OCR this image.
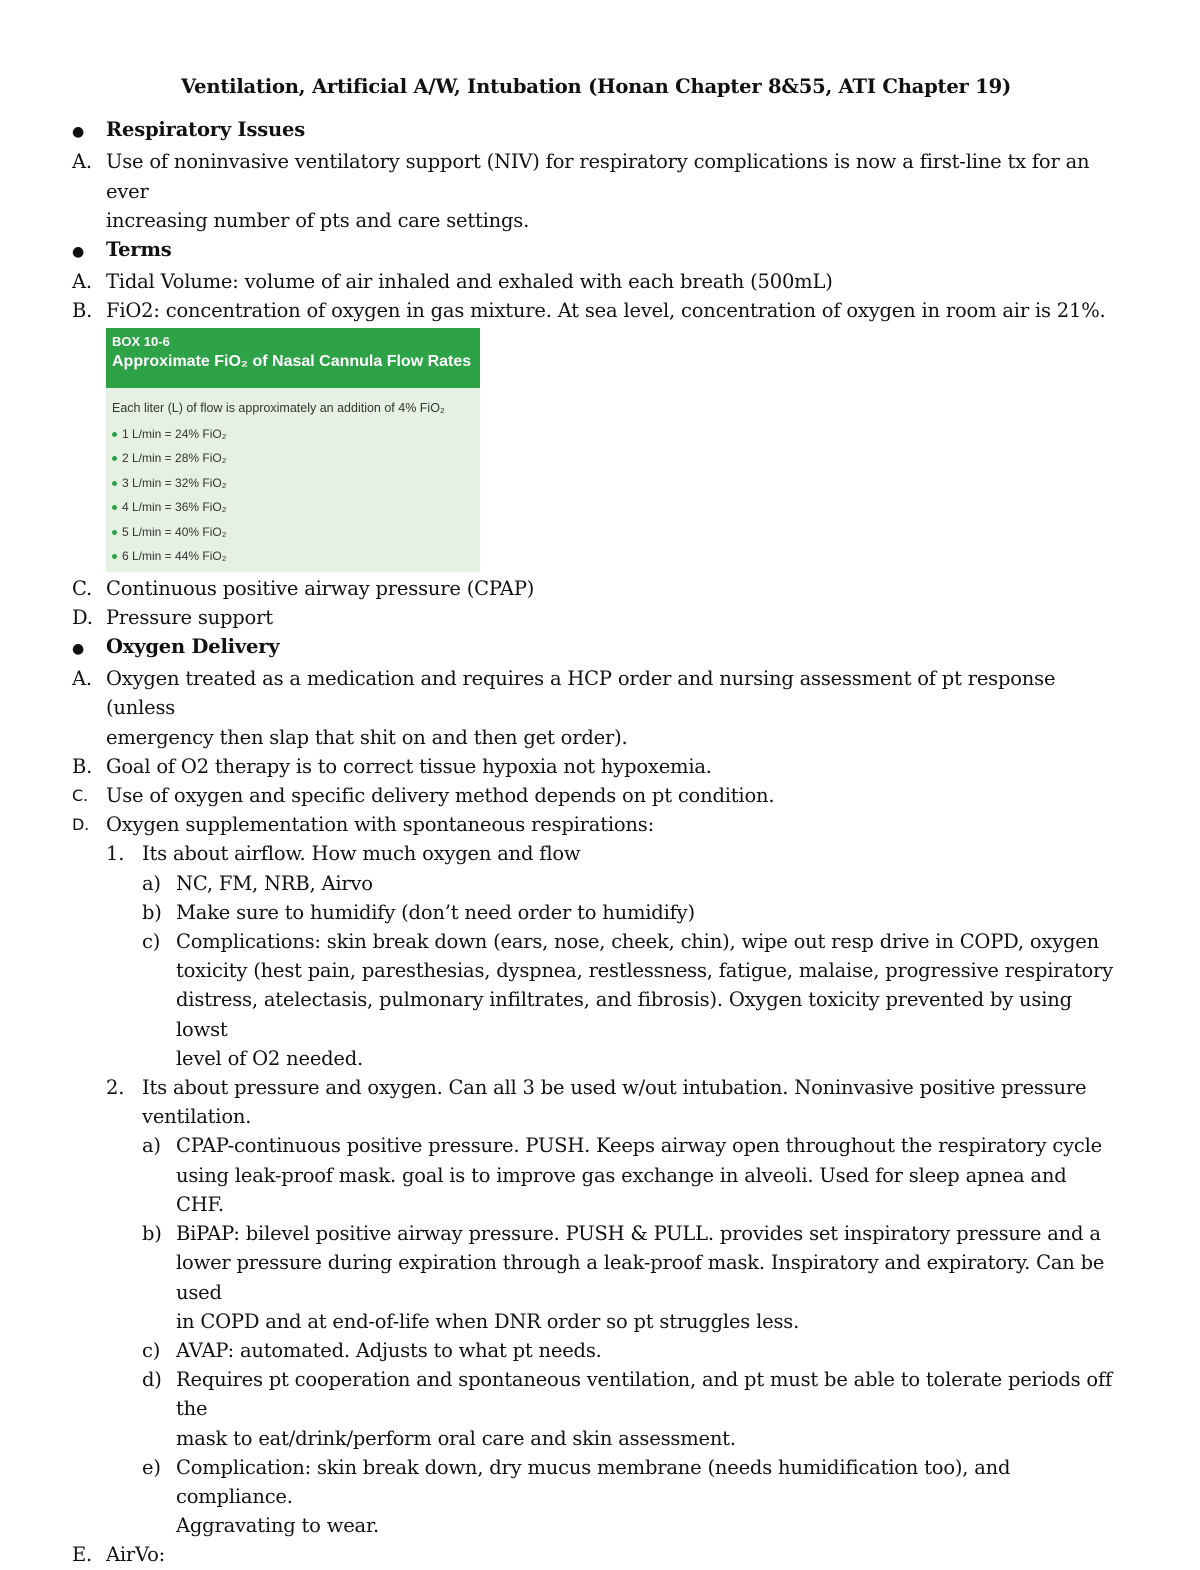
Ventilation, Artificial A/W, Intubation (Honan Chapter 8&55, ATI Chapter 19)
●	Respiratory Issues
A. Use of noninvasive ventilatory support (NIV) for respiratory complications is now a first-line tx for an ever
increasing number of pts and care settings.
●	Terms
A. Tidal Volume: volume of air inhaled and exhaled with each breath (500mL)
B. FiO2: concentration of oxygen in gas mixture. At sea level, concentration of oxygen in room air is 21%.
BOX 10-6
Approximate FiO₂ of Nasal Cannula Flow Rates
Each liter (L) of flow is approximately an addition of 4% FiO₂
1 L/min = 24% FiO₂
2 L/min = 28% FiO₂
3 L/min = 32% FiO₂
4 L/min = 36% FiO₂
5 L/min = 40% FiO₂
6 L/min = 44% FiO₂
C. Continuous positive airway pressure (CPAP)
D. Pressure support
●	Oxygen Delivery
A. Oxygen treated as a medication and requires a HCP order and nursing assessment of pt response (unless
emergency then slap that shit on and then get order).
B. Goal of O2 therapy is to correct tissue hypoxia not hypoxemia.
C. Use of oxygen and specific delivery method depends on pt condition.
D. Oxygen supplementation with spontaneous respirations:
1. Its about airflow. How much oxygen and flow
a) NC, FM, NRB, Airvo
b) Make sure to humidify (don’t need order to humidify)
c) Complications: skin break down (ears, nose, cheek, chin), wipe out resp drive in COPD, oxygen
toxicity (hest pain, paresthesias, dyspnea, restlessness, fatigue, malaise, progressive respiratory
distress, atelectasis, pulmonary infiltrates, and fibrosis). Oxygen toxicity prevented by using lowst
level of O2 needed.
2. Its about pressure and oxygen. Can all 3 be used w/out intubation. Noninvasive positive pressure
ventilation.
a) CPAP-continuous positive pressure. PUSH. Keeps airway open throughout the respiratory cycle
using leak-proof mask. goal is to improve gas exchange in alveoli. Used for sleep apnea and CHF.
b) BiPAP: bilevel positive airway pressure. PUSH & PULL. provides set inspiratory pressure and a
lower pressure during expiration through a leak-proof mask. Inspiratory and expiratory. Can be used
in COPD and at end-of-life when DNR order so pt struggles less.
c) AVAP: automated. Adjusts to what pt needs.
d) Requires pt cooperation and spontaneous ventilation, and pt must be able to tolerate periods off the
mask to eat/drink/perform oral care and skin assessment.
e) Complication: skin break down, dry mucus membrane (needs humidification too), and compliance.
Aggravating to wear.
E. AirVo:
